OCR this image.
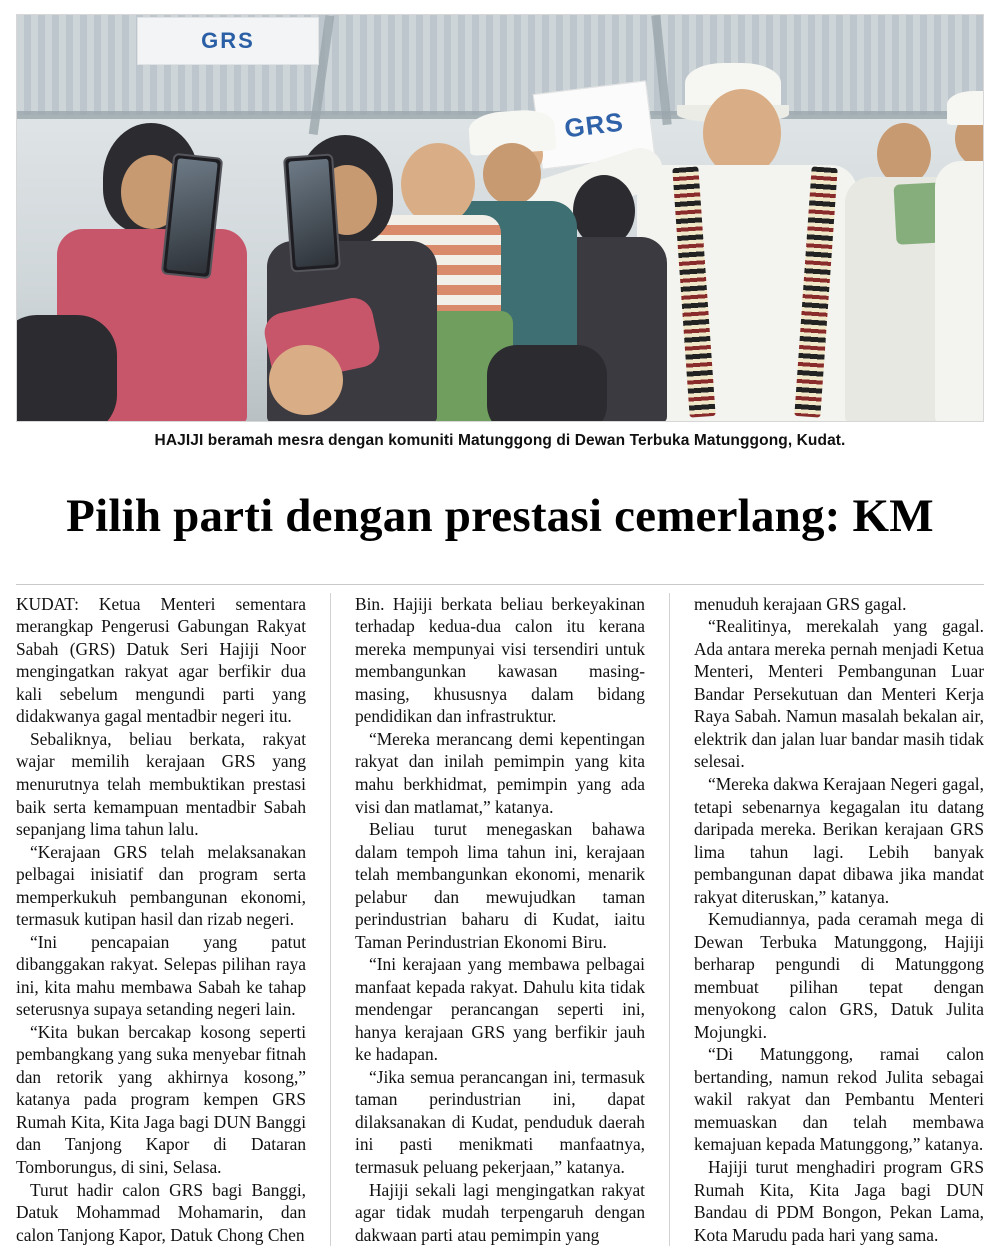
GRS
GRS
HAJIJI beramah mesra dengan komuniti Matunggong di Dewan Terbuka Matunggong, Kudat.
Pilih parti dengan prestasi cemerlang: KM

KUDAT: Ketua Menteri sementara merangkap Pengerusi Gabungan Rakyat Sabah (GRS) Datuk Seri Hajiji Noor mengingatkan rakyat agar berfikir dua kali sebelum mengundi parti yang didakwanya gagal mentadbir negeri itu.

Sebaliknya, beliau berkata, rakyat wajar memilih kerajaan GRS yang menurutnya telah membuktikan prestasi baik serta kemampuan mentadbir Sabah sepanjang lima tahun lalu.

“Kerajaan GRS telah melaksanakan pelbagai inisiatif dan program serta memperkukuh pembangunan ekonomi, termasuk kutipan hasil dan rizab negeri.

“Ini pencapaian yang patut dibanggakan rakyat. Selepas pilihan raya ini, kita mahu membawa Sabah ke tahap seterusnya supaya setanding negeri lain.

“Kita bukan bercakap kosong seperti pembangkang yang suka menyebar fitnah dan retorik yang akhirnya kosong,” katanya pada program kempen GRS Rumah Kita, Kita Jaga bagi DUN Banggi dan Tanjong Kapor di Dataran Tomborungus, di sini, Selasa.

Turut hadir calon GRS bagi Banggi, Datuk Mohammad Mohamarin, dan calon Tanjong Kapor, Datuk Chong Chen

Bin. Hajiji berkata beliau berkeyakinan terhadap kedua-dua calon itu kerana mereka mempunyai visi tersendiri untuk membangunkan kawasan masing-masing, khususnya dalam bidang pendidikan dan infrastruktur.

“Mereka merancang demi kepentingan rakyat dan inilah pemimpin yang kita mahu berkhidmat, pemimpin yang ada visi dan matlamat,” katanya.

Beliau turut menegaskan bahawa dalam tempoh lima tahun ini, kerajaan telah membangunkan ekonomi, menarik pelabur dan mewujudkan taman perindustrian baharu di Kudat, iaitu Taman Perindustrian Ekonomi Biru.

“Ini kerajaan yang membawa pelbagai manfaat kepada rakyat. Dahulu kita tidak mendengar perancangan seperti ini, hanya kerajaan GRS yang berfikir jauh ke hadapan.

“Jika semua perancangan ini, termasuk taman perindustrian ini, dapat dilaksanakan di Kudat, penduduk daerah ini pasti menikmati manfaatnya, termasuk peluang pekerjaan,” katanya.

Hajiji sekali lagi mengingatkan rakyat agar tidak mudah terpengaruh dengan dakwaan parti atau pemimpin yang

menuduh kerajaan GRS gagal.

“Realitinya, merekalah yang gagal. Ada antara mereka pernah menjadi Ketua Menteri, Menteri Pembangunan Luar Bandar Persekutuan dan Menteri Kerja Raya Sabah. Namun masalah bekalan air, elektrik dan jalan luar bandar masih tidak selesai.

“Mereka dakwa Kerajaan Negeri gagal, tetapi sebenarnya kegagalan itu datang daripada mereka. Berikan kerajaan GRS lima tahun lagi. Lebih banyak pembangunan dapat dibawa jika mandat rakyat diteruskan,” katanya.

Kemudiannya, pada ceramah mega di Dewan Terbuka Matunggong, Hajiji berharap pengundi di Matunggong membuat pilihan tepat dengan menyokong calon GRS, Datuk Julita Mojungki.

“Di Matunggong, ramai calon bertanding, namun rekod Julita sebagai wakil rakyat dan Pembantu Menteri memuaskan dan telah membawa kemajuan kepada Matunggong,” katanya.

Hajiji turut menghadiri program GRS Rumah Kita, Kita Jaga bagi DUN Bandau di PDM Bongon, Pekan Lama, Kota Marudu pada hari yang sama.
